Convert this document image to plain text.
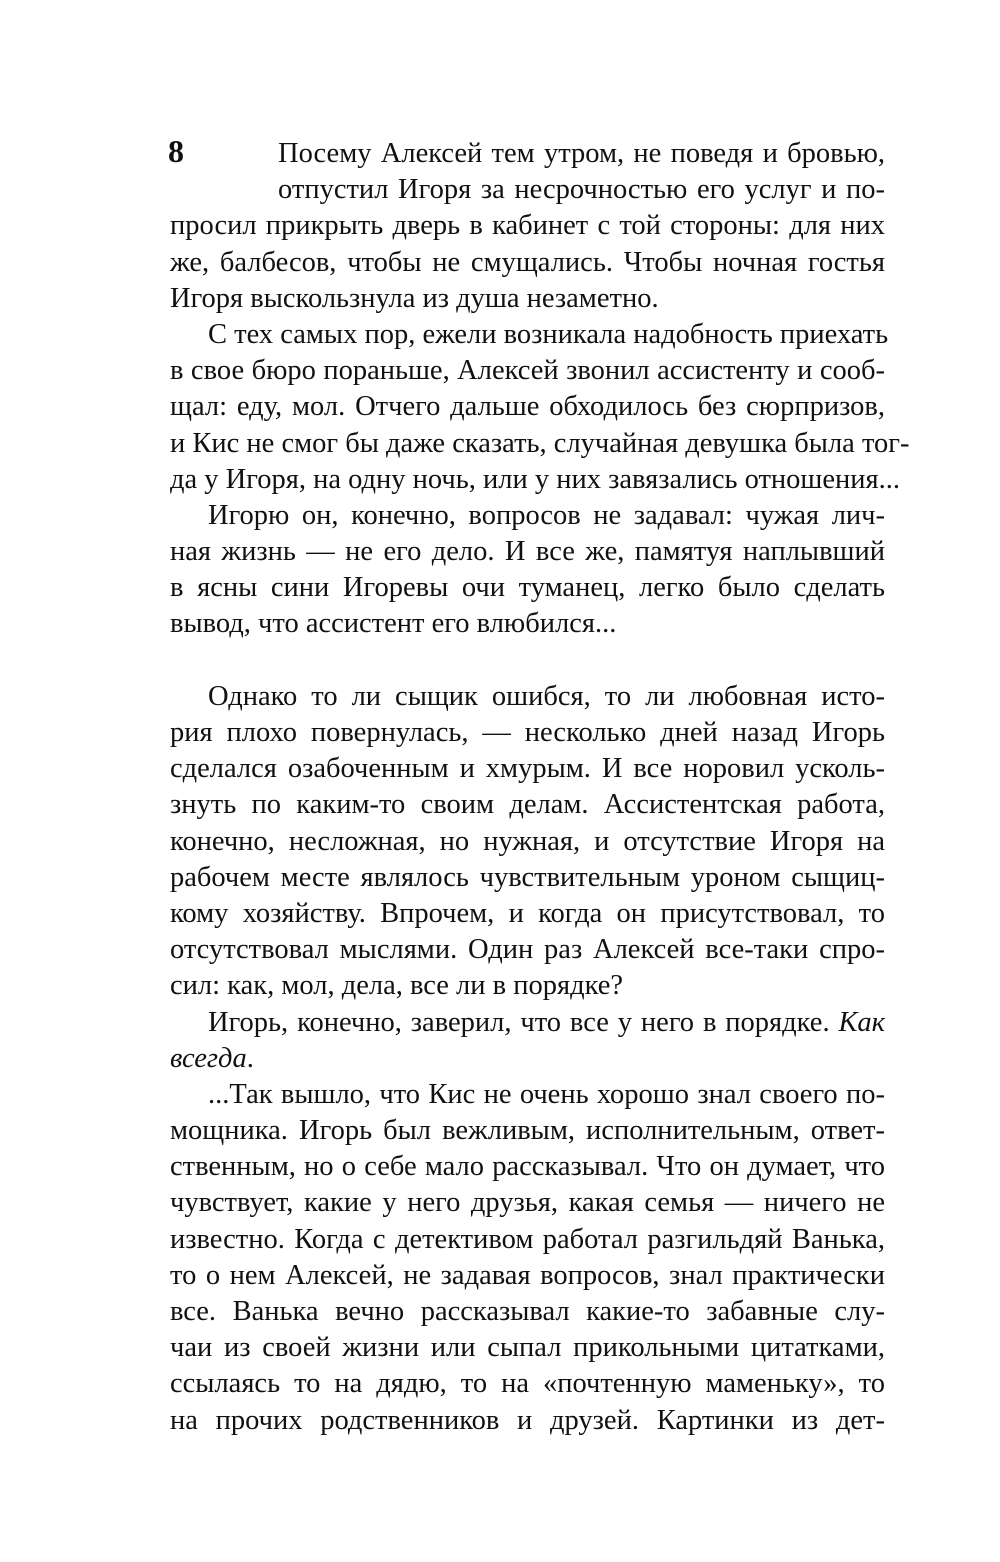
8	Посему Алексей тем утром, не поведя и бровью,
отпустил Игоря за несрочностью его услуг и по-
просил прикрыть дверь в кабинет с той стороны: для них
же, балбесов, чтобы не смущались. Чтобы ночная гостья
Игоря выскользнула из душа незаметно.
С тех самых пор, ежели возникала надобность приехать
в свое бюро пораньше, Алексей звонил ассистенту и сооб-
щал: еду, мол. Отчего дальше обходилось без сюрпризов,
и Кис не смог бы даже сказать, случайная девушка была тог-
да у Игоря, на одну ночь, или у них завязались отношения...
Игорю он, конечно, вопросов не задавал: чужая лич-
ная жизнь — не его дело. И все же, памятуя наплывший
в ясны сини Игоревы очи туманец, легко было сделать
вывод, что ассистент его влюбился...
Однако то ли сыщик ошибся, то ли любовная исто-
рия плохо повернулась, — несколько дней назад Игорь
сделался озабоченным и хмурым. И все норовил усколь-
знуть по каким-то своим делам. Ассистентская работа,
конечно, несложная, но нужная, и отсутствие Игоря на
рабочем месте являлось чувствительным уроном сыщиц-
кому хозяйству. Впрочем, и когда он присутствовал, то
отсутствовал мыслями. Один раз Алексей все-таки спро-
сил: как, мол, дела, все ли в порядке?
Игорь, конечно, заверил, что все у него в порядке. Как
всегда.
...Так вышло, что Кис не очень хорошо знал своего по-
мощника. Игорь был вежливым, исполнительным, ответ-
ственным, но о себе мало рассказывал. Что он думает, что
чувствует, какие у него друзья, какая семья — ничего не
известно. Когда с детективом работал разгильдяй Ванька,
то о нем Алексей, не задавая вопросов, знал практически
все. Ванька вечно рассказывал какие-то забавные слу-
чаи из своей жизни или сыпал прикольными цитатками,
ссылаясь то на дядю, то на «почтенную маменьку», то
на прочих родственников и друзей. Картинки из дет-
